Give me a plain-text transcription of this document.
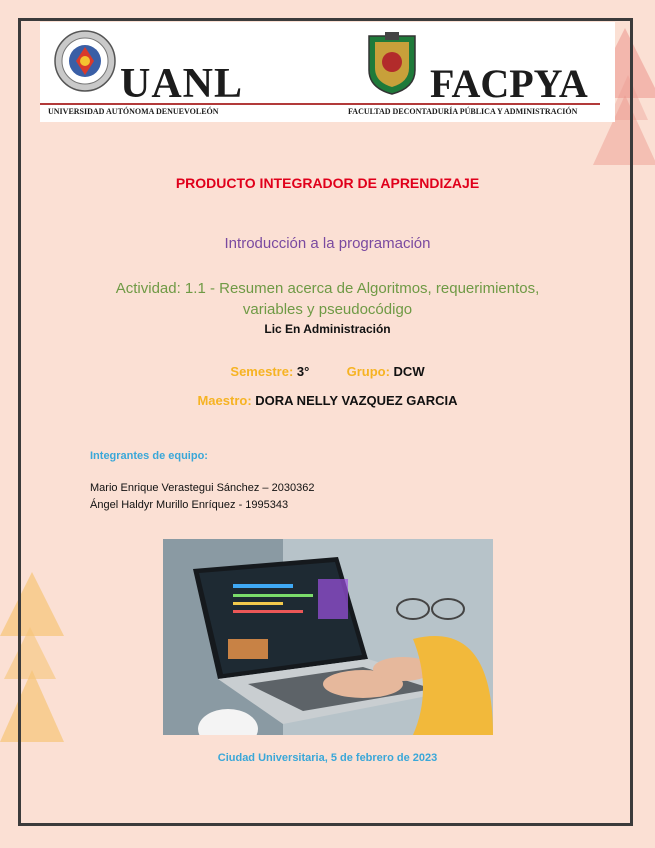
UANL
UNIVERSIDAD AUTÓNOMA DENUEVOLEÓN
FACPYA
FACULTAD DECONTADURÍA PÚBLICA Y ADMINISTRACIÓN
PRODUCTO INTEGRADOR DE APRENDIZAJE
Introducción a la programación
Actividad: 1.1 - Resumen acerca de Algoritmos, requerimientos,
variables y pseudocódigo
Lic En Administración
Semestre: 3°	Grupo: DCW
Maestro: DORA NELLY VAZQUEZ GARCIA
Integrantes de equipo:
Mario Enrique Verastegui Sánchez – 2030362
Ángel Haldyr Murillo Enríquez - 1995343
Ciudad Universitaria, 5 de febrero de 2023
